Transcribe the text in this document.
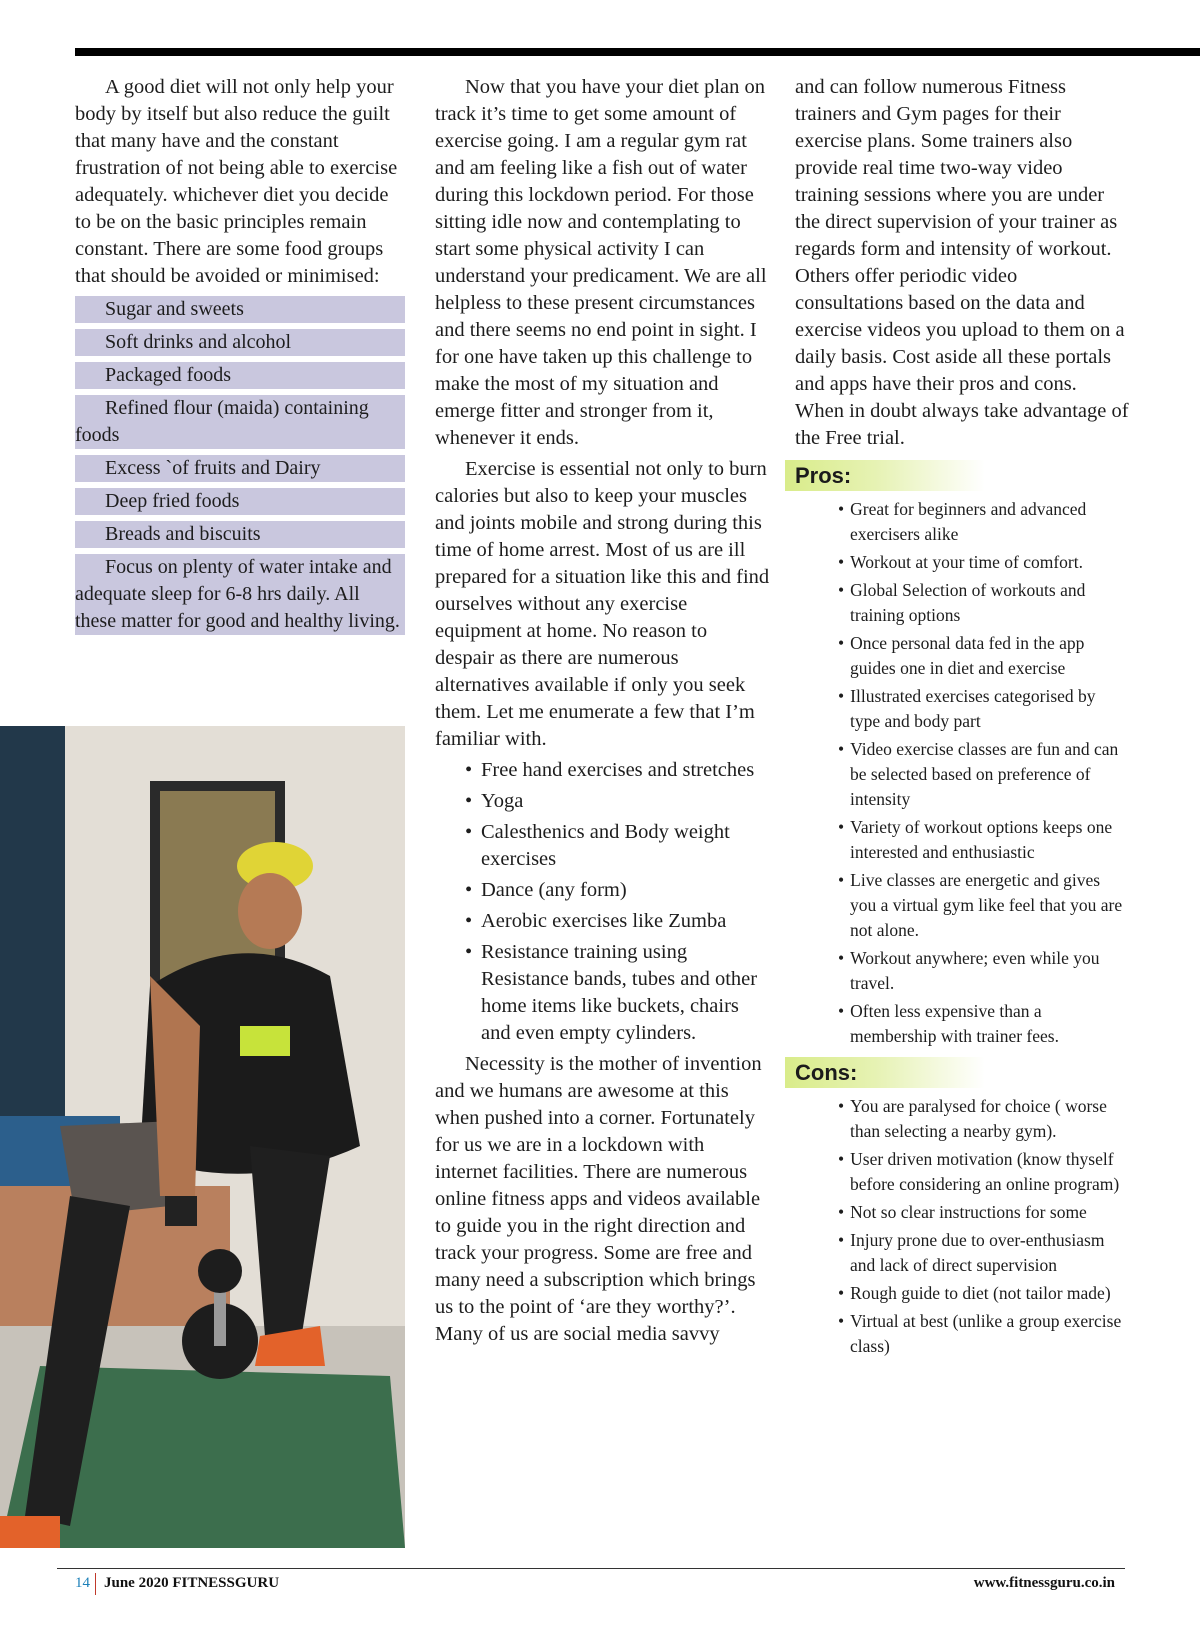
A good diet will not only help your body by itself but also reduce the guilt that many have and the constant frustration of not being able to exercise adequately. whichever diet you decide to be on the basic principles remain constant. There are some food groups that should be avoided or minimised:

Sugar and sweets
Soft drinks and alcohol
Packaged foods
Refined flour (maida) containing foods
Excess `of fruits and Dairy
Deep fried foods
Breads and biscuits
Focus on plenty of water intake and adequate sleep for 6-8 hrs daily. All these matter for good and healthy living.

Now that you have your diet plan on track it’s time to get some amount of exercise going. I am a regular gym rat and am feeling like a fish out of water during this lockdown period. For those sitting idle now and contemplating to start some physical activity I can understand your predicament. We are all helpless to these present circumstances and there seems no end point in sight. I for one have taken up this challenge to make the most of my situation and emerge fitter and stronger from it, whenever it ends.

Exercise is essential not only to burn calories but also to keep your muscles and joints mobile and strong during this time of home arrest. Most of us are ill prepared for a situation like this and find ourselves without any exercise equipment at home. No reason to despair as there are numerous alternatives available if only you seek them. Let me enumerate a few that I’m familiar with.

• Free hand exercises and stretches
• Yoga
• Calesthenics and Body weight exercises
• Dance (any form)
• Aerobic exercises like Zumba
• Resistance training using Resistance bands, tubes and other home items like buckets, chairs and even empty cylinders.

Necessity is the mother of invention and we humans are awesome at this when pushed into a corner. Fortunately for us we are in a lockdown with internet facilities. There are numerous online fitness apps and videos available to guide you in the right direction and track your progress. Some are free and many need a subscription which brings us to the point of ‘are they worthy?’. Many of us are social media savvy

and can follow numerous Fitness trainers and Gym pages for their exercise plans. Some trainers also provide real time two-way video training sessions where you are under the direct supervision of your trainer as regards form and intensity of workout. Others offer periodic video consultations based on the data and exercise videos you upload to them on a daily basis. Cost aside all these portals and apps have their pros and cons. When in doubt always take advantage of the Free trial.

Pros:
• Great for beginners and advanced exercisers alike
• Workout at your time of comfort.
• Global Selection of workouts and training options
• Once personal data fed in the app guides one in diet and exercise
• Illustrated exercises categorised by type and body part
• Video exercise classes are fun and can be selected based on preference of intensity
• Variety of workout options keeps one interested and enthusiastic
• Live classes are energetic and gives you a virtual gym like feel that you are not alone.
• Workout anywhere; even while you travel.
• Often less expensive than a membership with trainer fees.
Cons:
• You are paralysed for choice ( worse than selecting a nearby gym).
• User driven motivation (know thyself before considering an online program)
• Not so clear instructions for some
• Injury prone due to over-enthusiasm and lack of direct supervision
• Rough guide to diet (not tailor made)
• Virtual at best (unlike a group exercise class)
14 June 2020 FITNESSGURU	www.fitnessguru.co.in
